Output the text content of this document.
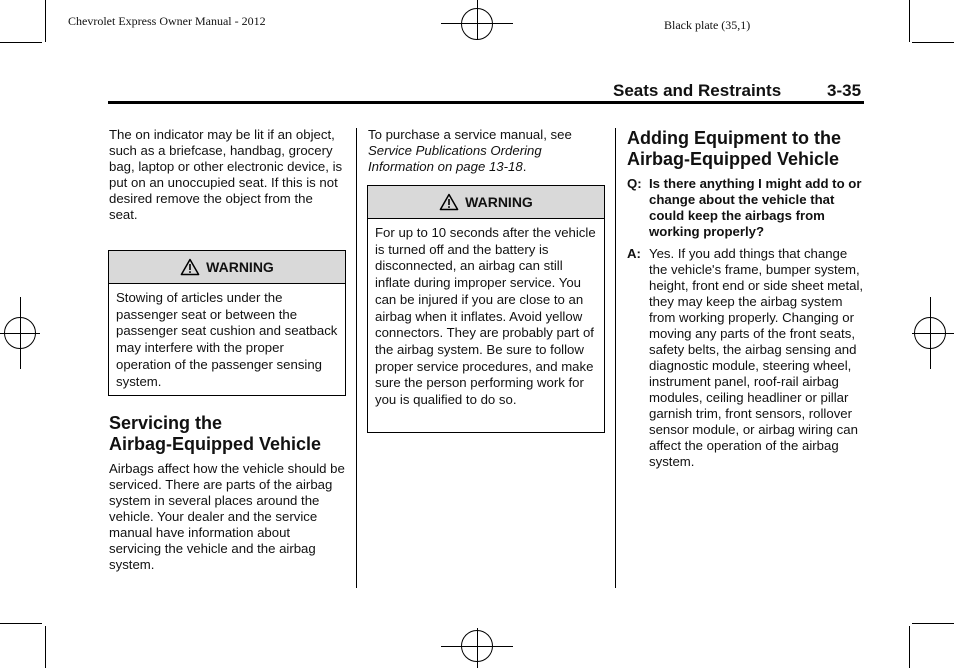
Chevrolet Express Owner Manual - 2012	Black plate (35,1)
Seats and Restraints	3-35
The on indicator may be lit if an object, such as a briefcase, handbag, grocery bag, laptop or other electronic device, is put on an unoccupied seat. If this is not desired remove the object from the seat.
WARNING
Stowing of articles under the passenger seat or between the passenger seat cushion and seatback may interfere with the proper operation of the passenger sensing system.
Servicing the
Airbag-Equipped Vehicle
Airbags affect how the vehicle should be serviced. There are parts of the airbag system in several places around the vehicle. Your dealer and the service manual have information about servicing the vehicle and the airbag system.
To purchase a service manual, see Service Publications Ordering Information on page 13-18.
WARNING
For up to 10 seconds after the vehicle is turned off and the battery is disconnected, an airbag can still inflate during improper service. You can be injured if you are close to an airbag when it inflates. Avoid yellow connectors. They are probably part of the airbag system. Be sure to follow proper service procedures, and make sure the person performing work for you is qualified to do so.
Adding Equipment to the
Airbag-Equipped Vehicle
Q: Is there anything I might add to or change about the vehicle that could keep the airbags from working properly?
A: Yes. If you add things that change the vehicle's frame, bumper system, height, front end or side sheet metal, they may keep the airbag system from working properly. Changing or moving any parts of the front seats, safety belts, the airbag sensing and diagnostic module, steering wheel, instrument panel, roof-rail airbag modules, ceiling headliner or pillar garnish trim, front sensors, rollover sensor module, or airbag wiring can affect the operation of the airbag system.
